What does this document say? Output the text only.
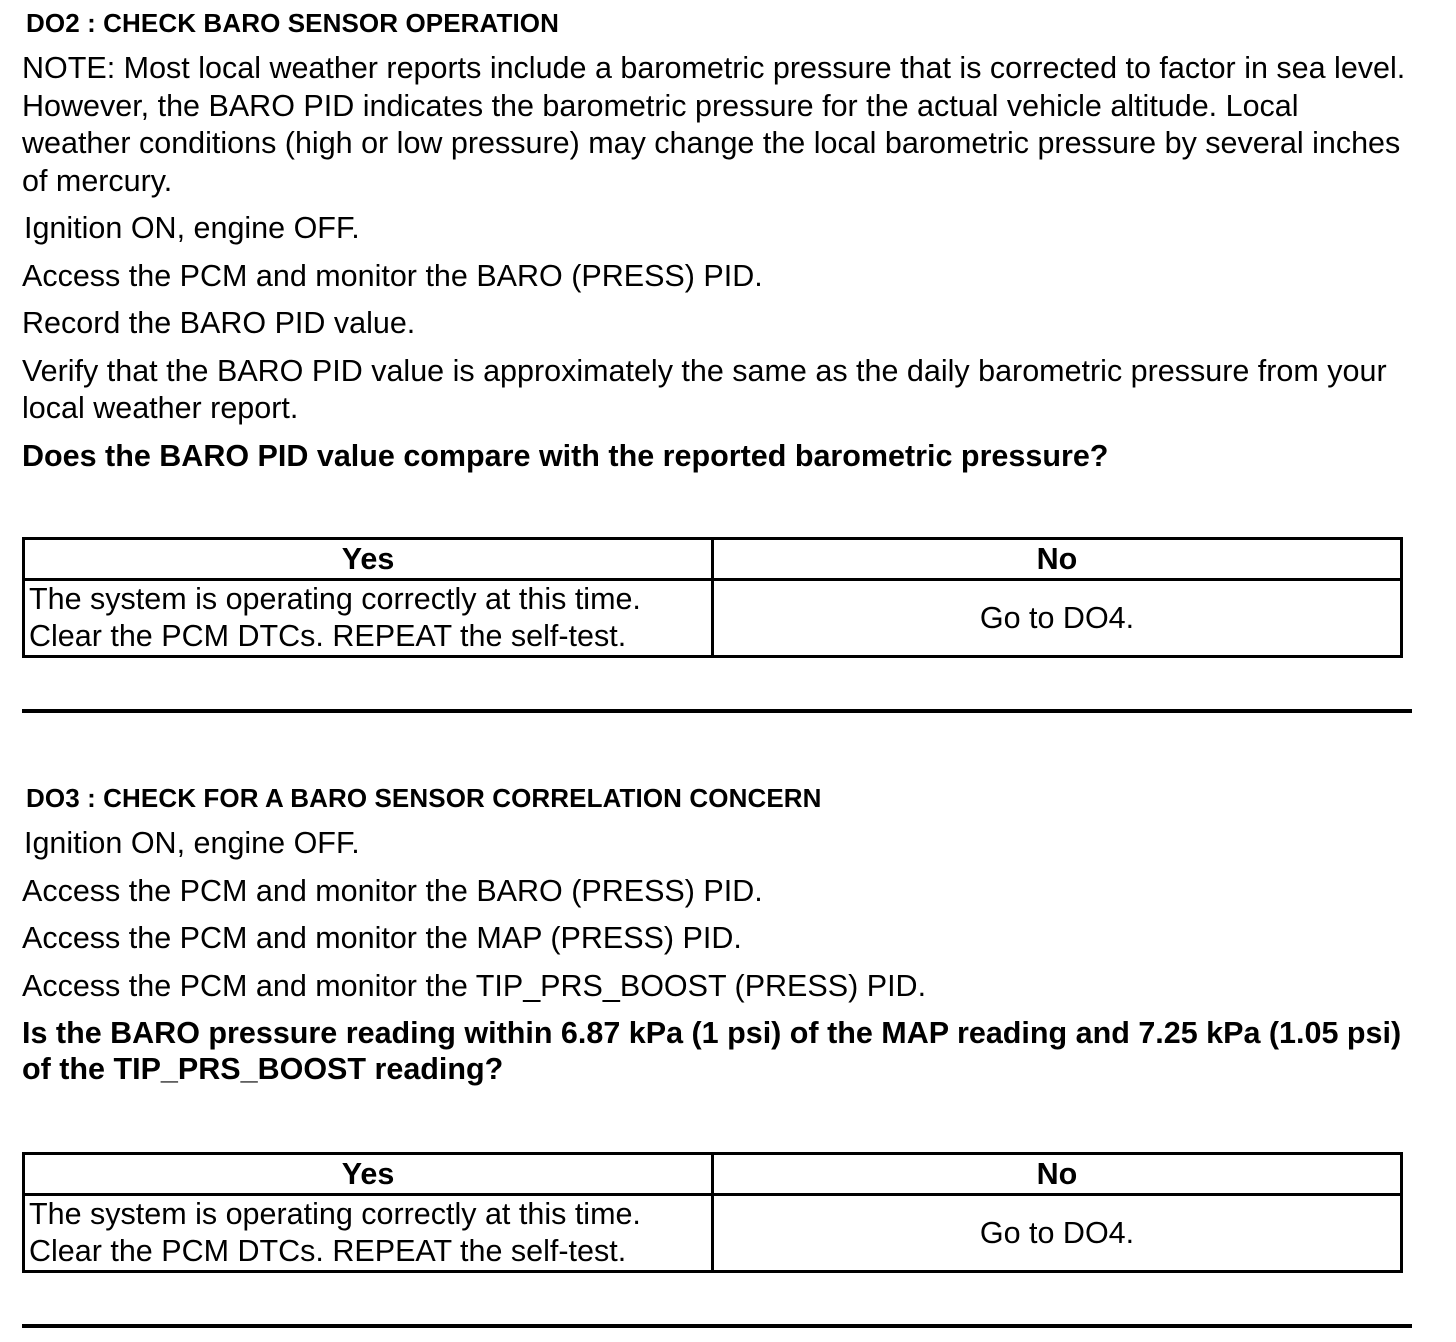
DO2 : CHECK BARO SENSOR OPERATION

NOTE: Most local weather reports include a barometric pressure that is corrected to factor in sea level. However, the BARO PID indicates the barometric pressure for the actual vehicle altitude. Local weather conditions (high or low pressure) may change the local barometric pressure by several inches of mercury.

Ignition ON, engine OFF.

Access the PCM and monitor the BARO (PRESS) PID.

Record the BARO PID value.

Verify that the BARO PID value is approximately the same as the daily barometric pressure from your local weather report.

Does the BARO PID value compare with the reported barometric pressure?

Yes	No

The system is operating correctly at this time.
Clear the PCM DTCs. REPEAT the self-test.	Go to DO4.
DO3 : CHECK FOR A BARO SENSOR CORRELATION CONCERN

Ignition ON, engine OFF.

Access the PCM and monitor the BARO (PRESS) PID.

Access the PCM and monitor the MAP (PRESS) PID.

Access the PCM and monitor the TIP_PRS_BOOST (PRESS) PID.

Is the BARO pressure reading within 6.87 kPa (1 psi) of the MAP reading and 7.25 kPa (1.05 psi) of the TIP_PRS_BOOST reading?

Yes	No

The system is operating correctly at this time.
Clear the PCM DTCs. REPEAT the self-test.	Go to DO4.
